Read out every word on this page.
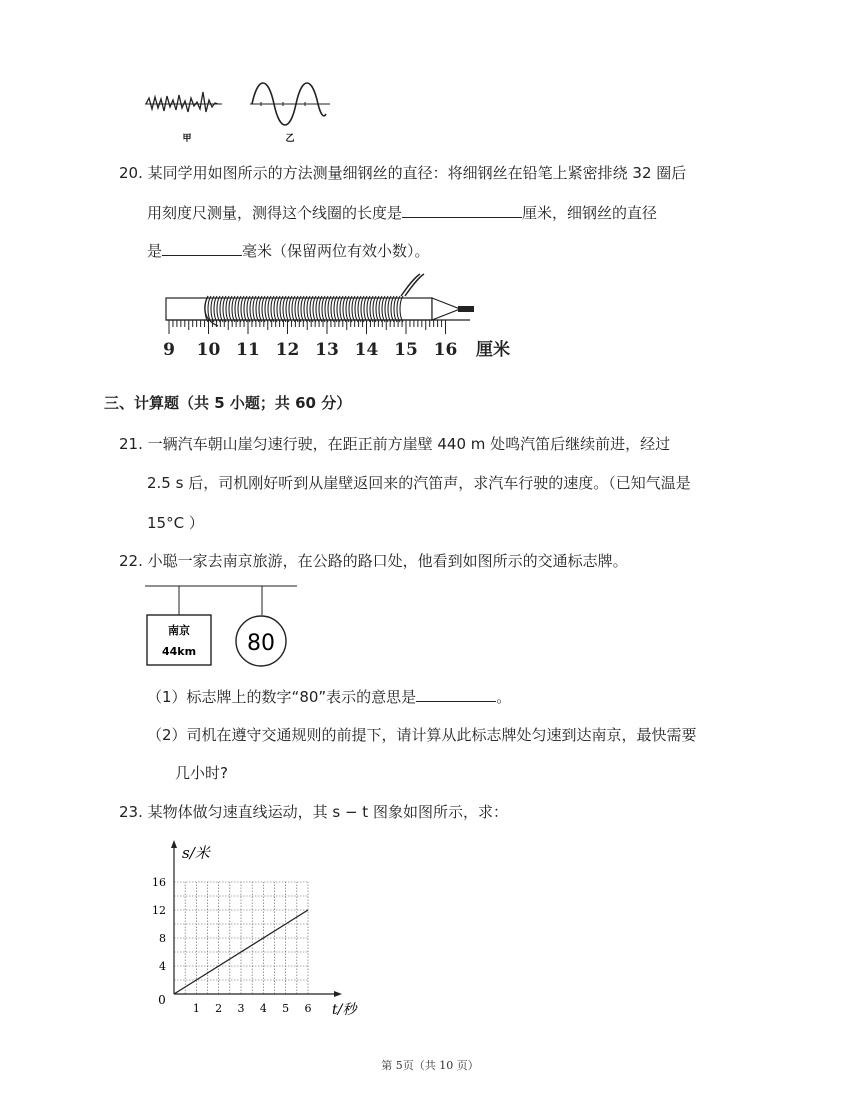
甲	乙
20. 某同学用如图所示的方法测量细钢丝的直径：将细钢丝在铅笔上紧密排绕 32 圈后
用刻度尺测量，测得这个线圈的长度是	厘米，细钢丝的直径
是	毫米（保留两位有效小数）。
9 10 11 12 13 14 15 16 厘米
三、计算题（共 5 小题；共 60 分）
21. 一辆汽车朝山崖匀速行驶，在距正前方崖壁 440 m 处鸣汽笛后继续前进，经过
2.5 s 后，司机刚好听到从崖壁返回来的汽笛声，求汽车行驶的速度。（已知气温是
15°C ）
22. 小聪一家去南京旅游，在公路的路口处，他看到如图所示的交通标志牌。
南京
44km 80
（1）标志牌上的数字“80”表示的意思是	。
（2）司机在遵守交通规则的前提下，请计算从此标志牌处匀速到达南京，最快需要
几小时?
23. 某物体做匀速直线运动，其 s − t 图象如图所示，求：
1 2 3 4 5 6
4
8
12
16
0
t/秒
s/米
第 5页（共 10 页）
